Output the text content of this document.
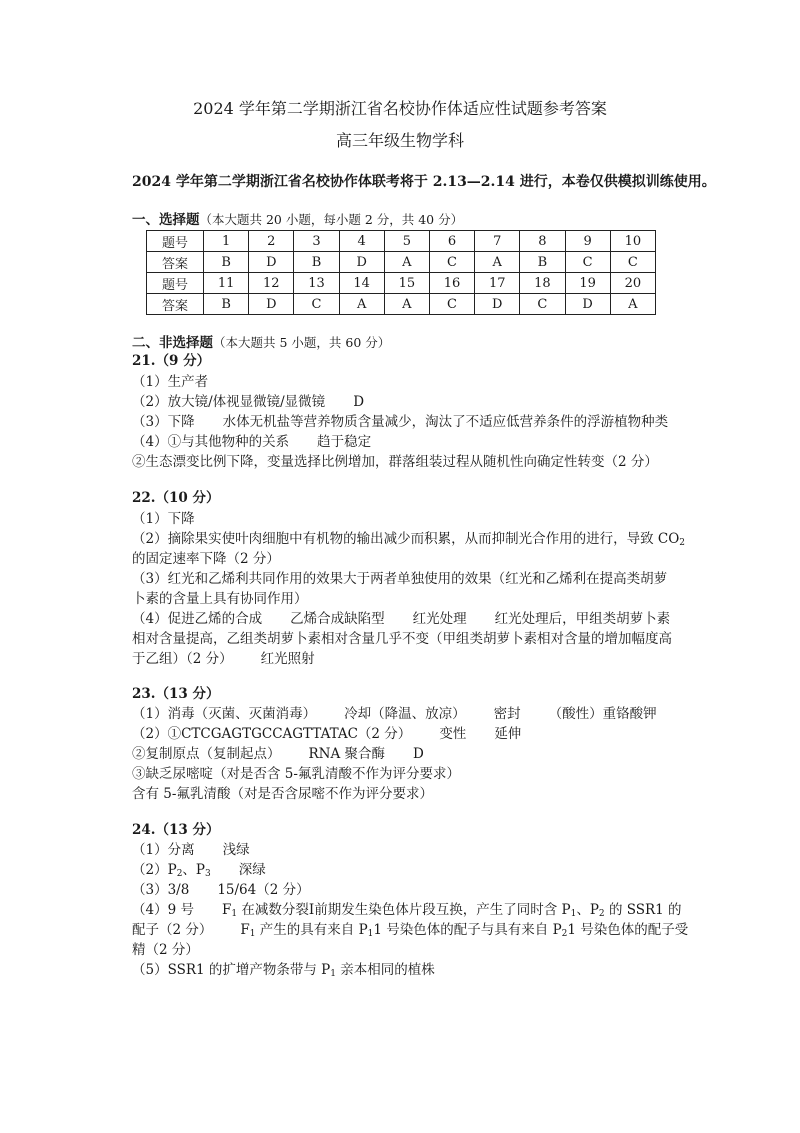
2024 学年第二学期浙江省名校协作体适应性试题参考答案
高三年级生物学科
2024 学年第二学期浙江省名校协作体联考将于 2.13—2.14 进行，本卷仅供模拟训练使用。
一、选择题（本大题共 20 小题，每小题 2 分，共 40 分）
题号	1	2	3	4	5	6	7	8	9	10
答案	B	D	B	D	A	C	A	B	C	C
题号	11	12	13	14	15	16	17	18	19	20
答案	B	D	C	A	A	C	D	C	D	A
二、非选择题（本大题共 5 小题，共 60 分）
21.（9 分）
（1）生产者
（2）放大镜/体视显微镜/显微镜 D
（3）下降 水体无机盐等营养物质含量减少，淘汰了不适应低营养条件的浮游植物种类
（4）①与其他物种的关系 趋于稳定
②生态漂变比例下降，变量选择比例增加，群落组装过程从随机性向确定性转变（2 分）
22.（10 分）
（1）下降
（2）摘除果实使叶肉细胞中有机物的输出减少而积累，从而抑制光合作用的进行，导致 $CO_2$
的固定速率下降（2 分）
（3）红光和乙烯利共同作用的效果大于两者单独使用的效果（红光和乙烯利在提高类胡萝
卜素的含量上具有协同作用）
（4）促进乙烯的合成 乙烯合成缺陷型 红光处理 红光处理后，甲组类胡萝卜素
相对含量提高，乙组类胡萝卜素相对含量几乎不变（甲组类胡萝卜素相对含量的增加幅度高
于乙组）（2 分） 红光照射
23.（13 分）
（1）消毒（灭菌、灭菌消毒） 冷却（降温、放凉） 密封 （酸性）重铬酸钾
（2）①CTCGAGTGCCAGTTATAC（2 分） 变性 延伸
②复制原点（复制起点） RNA 聚合酶 D
③缺乏尿嘧啶（对是否含 5-氟乳清酸不作为评分要求）
含有 5-氟乳清酸（对是否含尿嘧不作为评分要求）
24.（13 分）
（1）分离 浅绿
$(2)P_2$、$P_3$ 深绿
（3）3/8 15/64（2 分）
（4）9 号 $F_1$ 在减数分裂Ⅰ前期发生染色体片段互换，产生了同时含 $P_1$、$P_2$ 的 SSR1 的
配子（2 分） $F_1$ 产生的具有来自 $P_11$ 号染色体的配子与具有来自 $P_21$ 号染色体的配子受
精（2 分）
（5）SSR1 的扩增产物条带与 $P_1$ 亲本相同的植株
